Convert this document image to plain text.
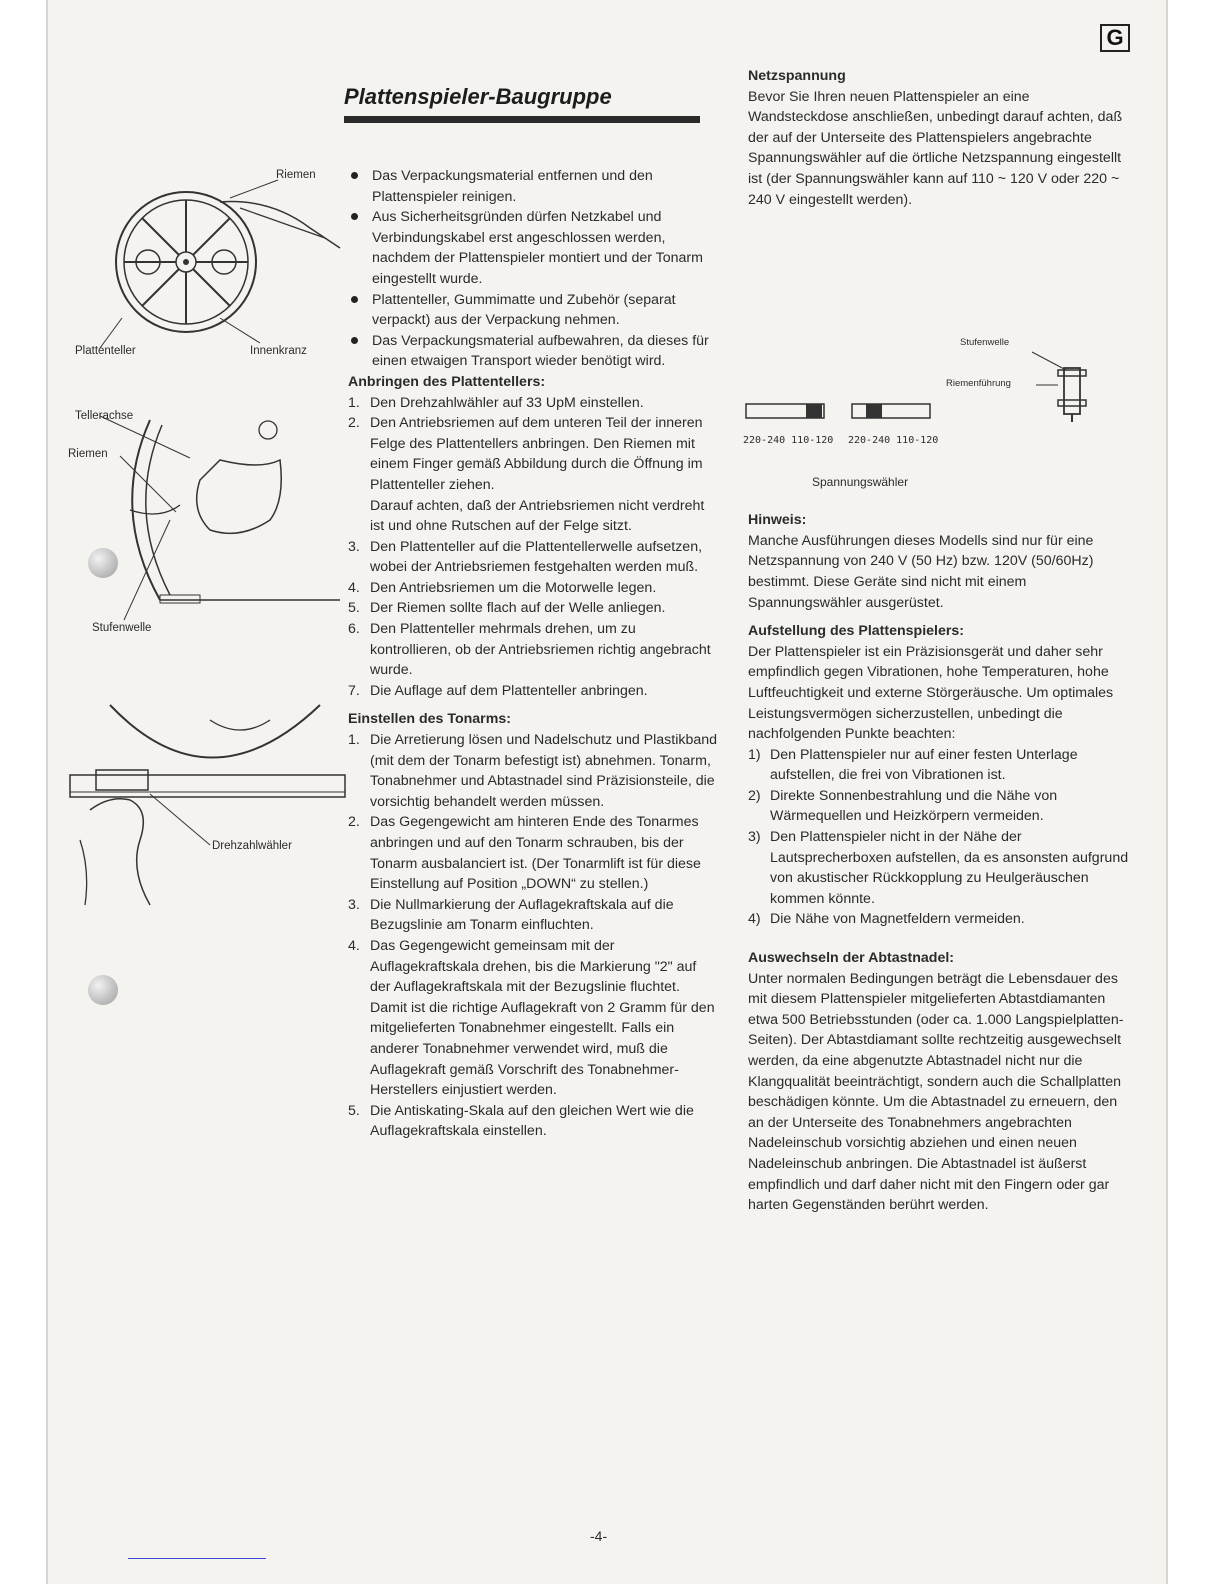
G
Plattenspieler-Baugruppe
Riemen
Plattenteller	Innenkranz
Tellerachse
Riemen
Stufenwelle
Drehzahlwähler
Das Verpackungsmaterial entfernen und den Plattenspieler reinigen.
Aus Sicherheitsgründen dürfen Netzkabel und Verbindungskabel erst angeschlossen werden, nachdem der Plattenspieler montiert und der Tonarm eingestellt wurde.
Plattenteller, Gummimatte und Zubehör (separat verpackt) aus der Verpackung nehmen.
Das Verpackungsmaterial aufbewahren, da dieses für einen etwaigen Transport wieder benötigt wird.

Anbringen des Plattentellers:

1. Den Drehzahlwähler auf 33 UpM einstellen.
2. Den Antriebsriemen auf dem unteren Teil der inneren Felge des Plattentellers anbringen. Den Riemen mit einem Finger gemäß Abbildung durch die Öffnung im Plattenteller ziehen.
Darauf achten, daß der Antriebsriemen nicht verdreht ist und ohne Rutschen auf der Felge sitzt.
3. Den Plattenteller auf die Plattentellerwelle aufsetzen, wobei der Antriebsriemen festgehalten werden muß.
4. Den Antriebsriemen um die Motorwelle legen.
5. Der Riemen sollte flach auf der Welle anliegen.
6. Den Plattenteller mehrmals drehen, um zu kontrollieren, ob der Antriebsriemen richtig angebracht wurde.
7. Die Auflage auf dem Plattenteller anbringen.

Einstellen des Tonarms:

1. Die Arretierung lösen und Nadelschutz und Plastikband (mit dem der Tonarm befestigt ist) abnehmen. Tonarm, Tonabnehmer und Abtastnadel sind Präzisionsteile, die vorsichtig behandelt werden müssen.
2. Das Gegengewicht am hinteren Ende des Tonarmes anbringen und auf den Tonarm schrauben, bis der Tonarm ausbalanciert ist. (Der Tonarmlift ist für diese Einstellung auf Position „DOWN“ zu stellen.)
3. Die Nullmarkierung der Auflagekraftskala auf die Bezugslinie am Tonarm einfluchten.
4. Das Gegengewicht gemeinsam mit der Auflagekraftskala drehen, bis die Markierung "2" auf der Auflagekraftskala mit der Bezugslinie fluchtet. Damit ist die richtige Auflagekraft von 2 Gramm für den mitgelieferten Tonabnehmer eingestellt. Falls ein anderer Tonabnehmer verwendet wird, muß die Auflagekraft gemäß Vorschrift des Tonabnehmer-Herstellers einjustiert werden.
5. Die Antiskating-Skala auf den gleichen Wert wie die Auflagekraftskala einstellen.

Netzspannung

Bevor Sie Ihren neuen Plattenspieler an eine Wandsteckdose anschließen, unbedingt darauf achten, daß der auf der Unterseite des Plattenspielers angebrachte Spannungswähler auf die örtliche Netzspannung eingestellt ist (der Spannungswähler kann auf 110 ~ 120 V oder 220 ~ 240 V eingestellt werden).

Hinweis:

Manche Ausführungen dieses Modells sind nur für eine Netzspannung von 240 V (50 Hz) bzw. 120V (50/60Hz) bestimmt. Diese Geräte sind nicht mit einem Spannungswähler ausgerüstet.

Aufstellung des Plattenspielers:

Der Plattenspieler ist ein Präzisionsgerät und daher sehr empfindlich gegen Vibrationen, hohe Temperaturen, hohe Luftfeuchtigkeit und externe Störgeräusche. Um optimales Leistungsvermögen sicherzustellen, unbedingt die nachfolgenden Punkte beachten:

1) Den Plattenspieler nur auf einer festen Unterlage aufstellen, die frei von Vibrationen ist.
2) Direkte Sonnenbestrahlung und die Nähe von Wärmequellen und Heizkörpern vermeiden.
3) Den Plattenspieler nicht in der Nähe der Lautsprecherboxen aufstellen, da es ansonsten aufgrund von akustischer Rückkopplung zu Heulgeräuschen kommen könnte.
4) Die Nähe von Magnetfeldern vermeiden.

Auswechseln der Abtastnadel:

Unter normalen Bedingungen beträgt die Lebensdauer des mit diesem Plattenspieler mitgelieferten Abtastdiamanten etwa 500 Betriebsstunden (oder ca. 1.000 Langspielplatten-Seiten). Der Abtastdiamant sollte rechtzeitig ausgewechselt werden, da eine abgenutzte Abtastnadel nicht nur die Klangqualität beeinträchtigt, sondern auch die Schallplatten beschädigen könnte. Um die Abtastnadel zu erneuern, den an der Unterseite des Tonabnehmers angebrachten Nadeleinschub vorsichtig abziehen und einen neuen Nadeleinschub anbringen. Die Abtastnadel ist äußerst empfindlich und darf daher nicht mit den Fingern oder gar harten Gegenständen berührt werden.

Stufenwelle
Riemenführung
220-240 110-120 220-240 110-120
Spannungswähler
-4-
